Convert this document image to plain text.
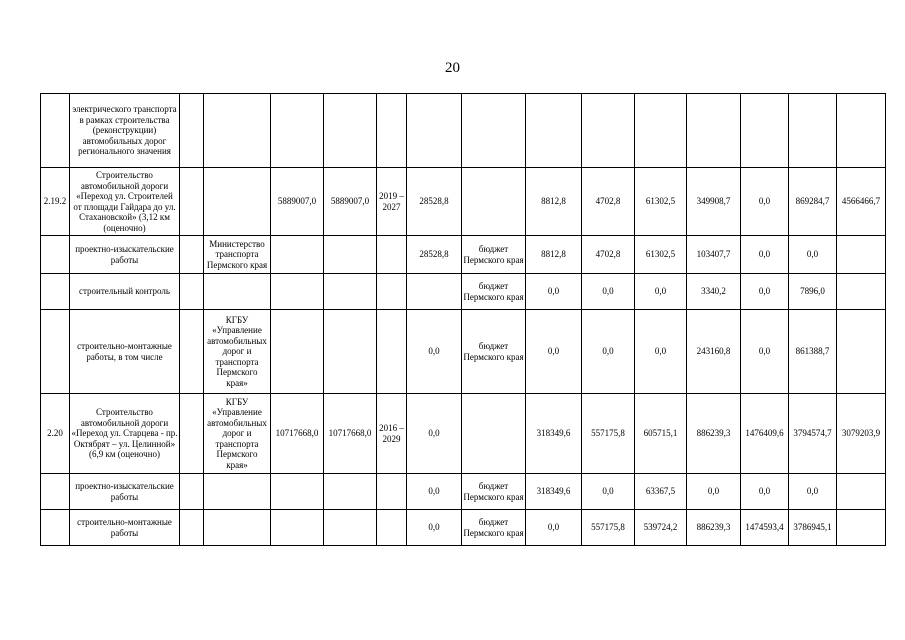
20
	электрического транспорта в рамках строительства (реконструкции) автомобильных дорог регионального значения														
2.19.2	Строительство автомобильной дороги «Переход ул. Строителей от площади Гайдара до ул. Стахановской» (3,12 км (оценочно)			5889007,0	5889007,0	2019 – 2027	28528,8		8812,8	4702,8	61302,5	349908,7	0,0	869284,7	4566466,7
	проектно-изыскательские работы		Министерство транспорта Пермского края				28528,8	бюджет Пермского края	8812,8	4702,8	61302,5	103407,7	0,0	0,0	
	строительный контроль							бюджет Пермского края	0,0	0,0	0,0	3340,2	0,0	7896,0	
	строительно-монтажные работы, в том числе		КГБУ «Управление автомобильных дорог и транспорта Пермского края»				0,0	бюджет Пермского края	0,0	0,0	0,0	243160,8	0,0	861388,7	
2.20	Строительство автомобильной дороги «Переход ул. Старцева - пр. Октябрят – ул. Целинной» (6,9 км (оценочно)		КГБУ «Управление автомобильных дорог и транспорта Пермского края»	10717668,0	10717668,0	2016 – 2029	0,0		318349,6	557175,8	605715,1	886239,3	1476409,6	3794574,7	3079203,9
	проектно-изыскательские работы						0,0	бюджет Пермского края	318349,6	0,0	63367,5	0,0	0,0	0,0	
	строительно-монтажные работы						0,0	бюджет Пермского края	0,0	557175,8	539724,2	886239,3	1474593,4	3786945,1	
